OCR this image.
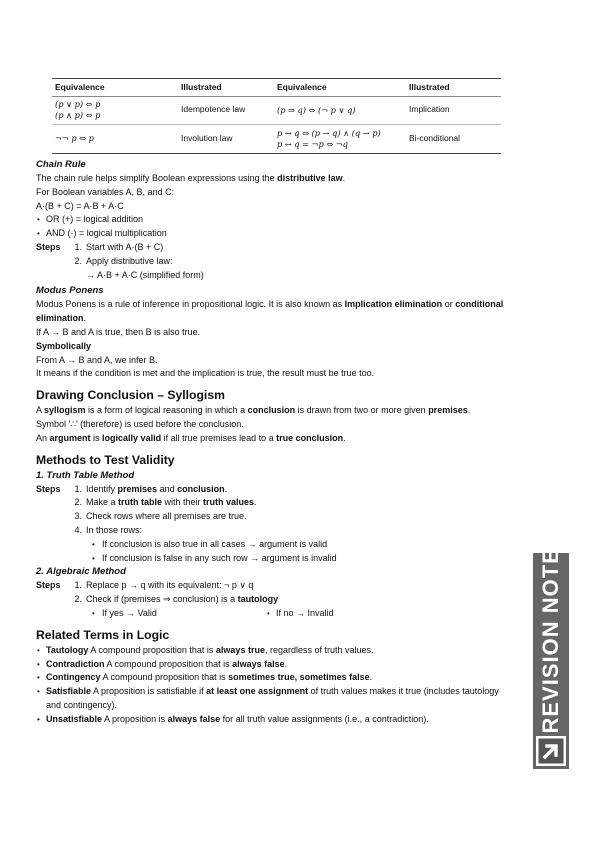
Equivalence	Illustrated
(p ∨ p) ⇔ p
(p ∧ p) ⇔ p
Idempotence law
¬¬ p ⇔ p	Involution law
Equivalence	Illustrated
(p ⇒ q) ⇔ (¬ p ∨ q)	Implication
p ↔ q ⇔ (p → q) ∧ (q → p)
p ↔ q = ¬p ⇔ ¬q
Bi-conditional
Chain Rule

The chain rule helps simplify Boolean expressions using the distributive law.

For Boolean variables A, B, and C:

A·(B + C) = A·B + A·C

• OR (+) = logical addition

• AND (·) = logical multiplication

Steps	1. Start with A·(B + C)
2. Apply distributive law:

→ A·B + A·C (simplified form)

Modus Ponens

Modus Ponens is a rule of inference in propositional logic. It is also known as Implication elimination or conditional elimination.

If A → B and A is true, then B is also true.

Symbolically

From A → B and A, we infer B.

It means if the condition is met and the implication is true, the result must be true too.

Drawing Conclusion – Syllogism

A syllogism is a form of logical reasoning in which a conclusion is drawn from two or more given premises.

Symbol '∴' (therefore) is used before the conclusion.

An argument is logically valid if all true premises lead to a true conclusion.

Methods to Test Validity
1. Truth Table Method
Steps	1. Identify premises and conclusion.
2. Make a truth table with their truth values.
3. Check rows where all premises are true.
4. In those rows:

• If conclusion is also true in all cases → argument is valid

• If conclusion is false in any such row → argument is invalid

2. Algebraic Method
Steps	1. Replace p → q with its equivalent: ¬ p ∨ q
2. Check if (premises ⇒ conclusion) is a tautology

• If yes → Valid

•	If no → Invalid

Related Terms in Logic

• Tautology A compound proposition that is always true, regardless of truth values.

• Contradiction A compound proposition that is always false.

• Contingency A compound proposition that is sometimes true, sometimes false.

• Satisfiable A proposition is satisfiable if at least one assignment of truth values makes it true (includes tautology and contingency).

• Unsatisfiable A proposition is always false for all truth value assignments (i.e., a contradiction).	REVISION NOTES
